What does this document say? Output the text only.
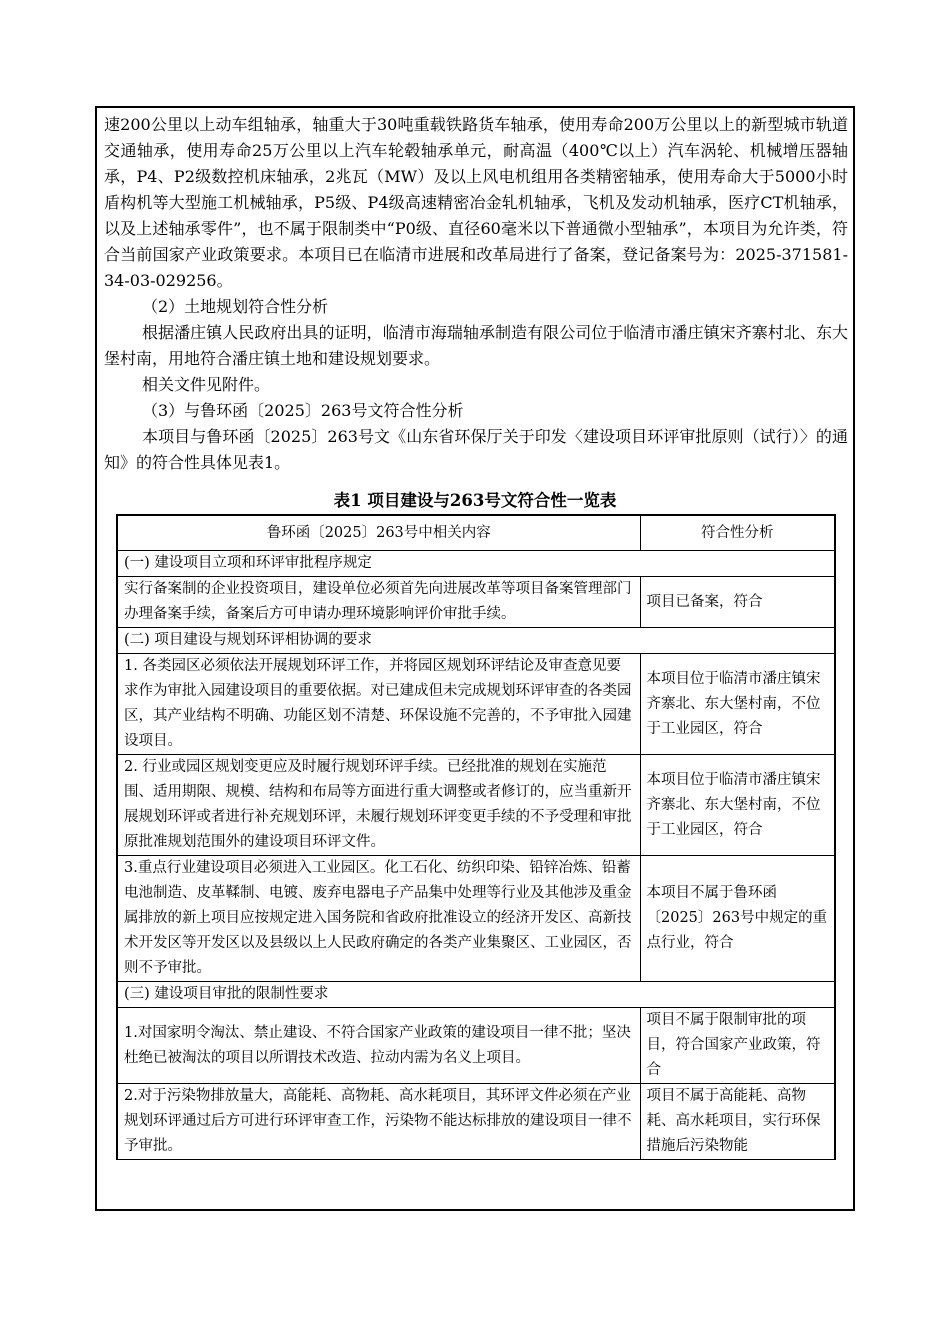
速200公里以上动车组轴承，轴重大于30吨重载铁路货车轴承，使用寿命200万公里以上的新型城市轨道交通轴承，使用寿命25万公里以上汽车轮毂轴承单元，耐高温（400℃以上）汽车涡轮、机械增压器轴承，P4、P2级数控机床轴承，2兆瓦（MW）及以上风电机组用各类精密轴承，使用寿命大于5000小时盾构机等大型施工机械轴承，P5级、P4级高速精密冶金轧机轴承，飞机及发动机轴承，医疗CT机轴承，以及上述轴承零件”，也不属于限制类中“P0级、直径60毫米以下普通微小型轴承”，本项目为允许类，符合当前国家产业政策要求。本项目已在临清市进展和改革局进行了备案，登记备案号为：2025-371581-34-03-029256。

（2）土地规划符合性分析

根据潘庄镇人民政府出具的证明，临清市海瑞轴承制造有限公司位于临清市潘庄镇宋齐寨村北、东大堡村南，用地符合潘庄镇土地和建设规划要求。

相关文件见附件。

（3）与鲁环函〔2025〕263号文符合性分析

本项目与鲁环函〔2025〕263号文《山东省环保厅关于印发〈建设项目环评审批原则（试行）〉的通知》的符合性具体见表1。

表1 项目建设与263号文符合性一览表
鲁环函〔2025〕263号中相关内容	符合性分析
(一) 建设项目立项和环评审批程序规定	
实行备案制的企业投资项目，建设单位必须首先向进展改革等项目备案管理部门办理备案手续，备案后方可申请办理环境影响评价审批手续。	项目已备案，符合
(二) 项目建设与规划环评相协调的要求	
1. 各类园区必须依法开展规划环评工作，并将园区规划环评结论及审查意见要求作为审批入园建设项目的重要依据。对已建成但未完成规划环评审查的各类园区，其产业结构不明确、功能区划不清楚、环保设施不完善的，不予审批入园建设项目。	本项目位于临清市潘庄镇宋齐寨北、东大堡村南，不位于工业园区，符合
2. 行业或园区规划变更应及时履行规划环评手续。已经批准的规划在实施范围、适用期限、规模、结构和布局等方面进行重大调整或者修订的，应当重新开展规划环评或者进行补充规划环评，未履行规划环评变更手续的不予受理和审批原批准规划范围外的建设项目环评文件。	本项目位于临清市潘庄镇宋齐寨北、东大堡村南，不位于工业园区，符合
3.重点行业建设项目必须进入工业园区。化工石化、纺织印染、铅锌冶炼、铅蓄电池制造、皮革鞣制、电镀、废弃电器电子产品集中处理等行业及其他涉及重金属排放的新上项目应按规定进入国务院和省政府批准设立的经济开发区、高新技术开发区等开发区以及县级以上人民政府确定的各类产业集聚区、工业园区，否则不予审批。	本项目不属于鲁环函〔2025〕263号中规定的重点行业，符合
(三) 建设项目审批的限制性要求	
1.对国家明令淘汰、禁止建设、不符合国家产业政策的建设项目一律不批；坚决杜绝已被淘汰的项目以所谓技术改造、拉动内需为名义上项目。	项目不属于限制审批的项目，符合国家产业政策，符合
2.对于污染物排放量大，高能耗、高物耗、高水耗项目，其环评文件必须在产业规划环评通过后方可进行环评审查工作，污染物不能达标排放的建设项目一律不予审批。	项目不属于高能耗、高物耗、高水耗项目，实行环保措施后污染物能
